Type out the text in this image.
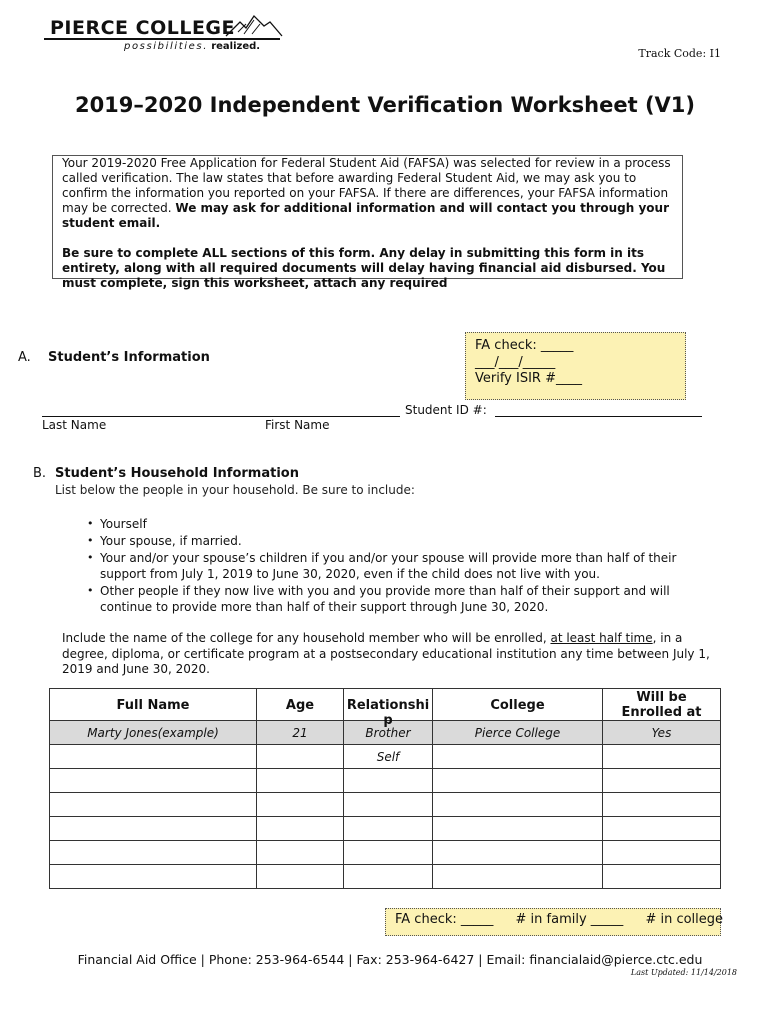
PIERCE COLLEGE
possibilities. realized.
Track Code: I1
2019–2020 Independent Verification Worksheet (V1)

Your 2019-2020 Free Application for Federal Student Aid (FAFSA) was selected for review in a process called verification. The law states that before awarding Federal Student Aid, we may ask you to confirm the information you reported on your FAFSA. If there are differences, your FAFSA information may be corrected. We may ask for additional information and will contact you through your student email.

Be sure to complete ALL sections of this form. Any delay in submitting this form in its entirety, along with all required documents will delay having financial aid disbursed. You must complete, sign this worksheet, attach any required

FA check: _____
___/___/_____
Verify ISIR #____
A. Student’s Information
Last Name	First Name
Student ID #:
B. Student’s Household Information
List below the people in your household. Be sure to include:
• Yourself
• Your spouse, if married.
• Your and/or your spouse’s children if you and/or your spouse will provide more than half of their support from July 1, 2019 to June 30, 2020, even if the child does not live with you.
• Other people if they now live with you and you provide more than half of their support and will continue to provide more than half of their support through June 30, 2020.
Include the name of the college for any household member who will be enrolled, at least half time, in a degree, diploma, or certificate program at a postsecondary educational institution any time between July 1, 2019 and June 30, 2020.
Full Name	Age	Relationship	College	Will be Enrolled at

Marty Jones(example)	21	Brother	Pierce College	Yes
		Self		

FA check: _____ # in family _____ # in college
Financial Aid Office | Phone: 253-964-6544 | Fax: 253-964-6427 | Email: financialaid@pierce.ctc.edu
Last Updated: 11/14/2018
